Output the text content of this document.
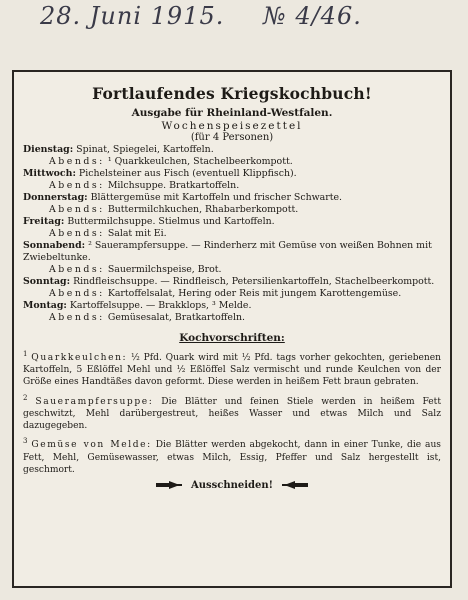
28. Juni 1915. № 4/46.
Fortlaufendes Kriegskochbuch!
Ausgabe für Rheinland-Westfalen.
Wochenspeisezettel
(für 4 Personen)

Dienstag: Spinat, Spiegelei, Kartoffeln.

Abends: ¹ Quarkkeulchen, Stachelbeerkompott.

Mittwoch: Pichelsteiner aus Fisch (eventuell Klippfisch).

Abends: Milchsuppe. Bratkartoffeln.

Donnerstag: Blättergemüse mit Kartoffeln und frischer Schwarte.

Abends: Buttermilchkuchen, Rhabarberkompott.

Freitag: Buttermilchsuppe. Stielmus und Kartoffeln.

Abends: Salat mit Ei.

Sonnabend: ² Sauerampfersuppe. — Rinderherz mit Gemüse von weißen Bohnen mit Zwiebeltunke.

Abends: Sauermilchspeise, Brot.

Sonntag: Rindfleischsuppe. — Rindfleisch, Petersilienkartoffeln, Stachelbeerkompott.

Abends: Kartoffelsalat, Hering oder Reis mit jungem Karottengemüse.

Montag: Kartoffelsuppe. — Brakklops, ³ Melde.

Abends: Gemüsesalat, Bratkartoffeln.

Kochvorschriften:

$^1$ Quarkkeulchen: ½ Pfd. Quark wird mit ½ Pfd. tags vorher gekochten, geriebenen Kartoffeln, 5 Eßlöffel Mehl und ½ Eßlöffel Salz vermischt und runde Keulchen von der Größe eines Handtäßes davon geformt. Diese werden in heißem Fett braun gebraten.

$^2$ Sauerampfersuppe: Die Blätter und feinen Stiele werden in heißem Fett geschwitzt, Mehl darübergestreut, heißes Wasser und etwas Milch und Salz dazugegeben.

$^3$ Gemüse von Melde: Die Blätter werden abgekocht, dann in einer Tunke, die aus Fett, Mehl, Gemüsewasser, etwas Milch, Essig, Pfeffer und Salz hergestellt ist, geschmort.

Ausschneiden!
